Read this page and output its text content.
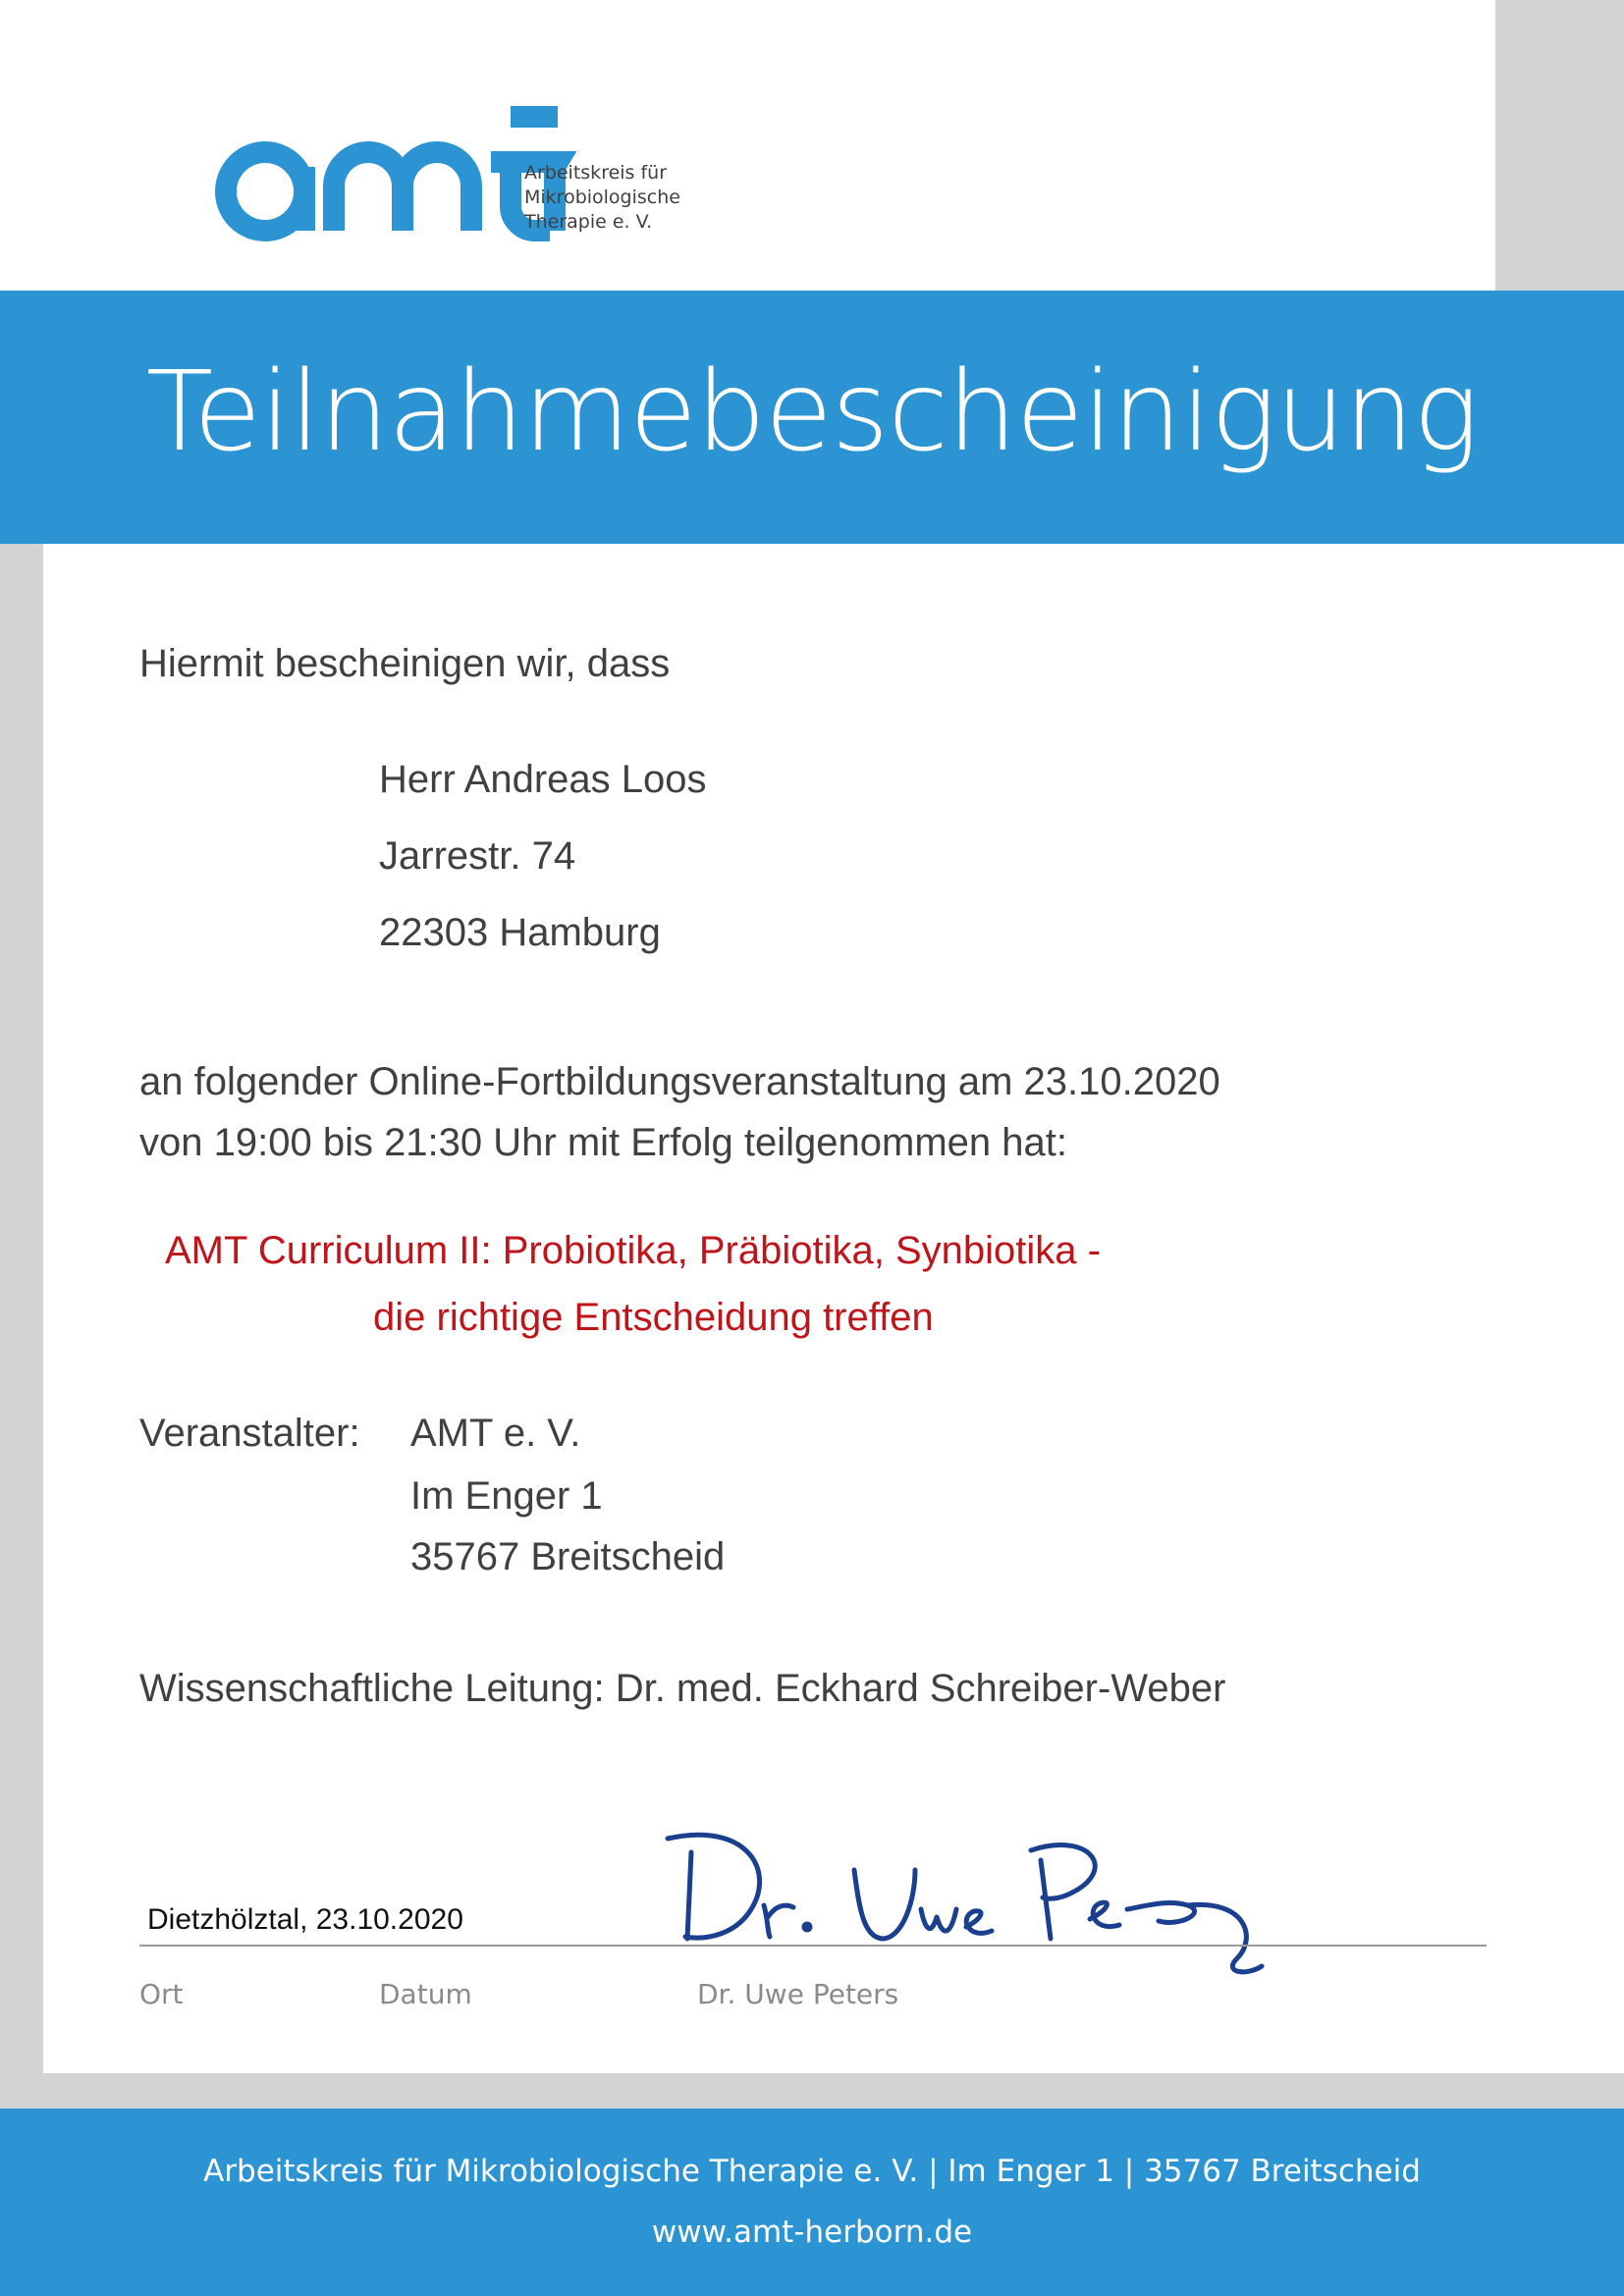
Arbeitskreis für
Mikrobiologische
Therapie e. V.
Teilnahmebescheinigung
Hiermit bescheinigen wir, dass
Herr Andreas Loos
Jarrestr. 74
22303 Hamburg
an folgender Online-Fortbildungsveranstaltung am 23.10.2020
von 19:00 bis 21:30 Uhr mit Erfolg teilgenommen hat:
AMT Curriculum II: Probiotika, Präbiotika, Synbiotika -
die richtige Entscheidung treffen
Veranstalter: AMT e. V.
Im Enger 1
35767 Breitscheid
Wissenschaftliche Leitung: Dr. med. Eckhard Schreiber-Weber
Dietzhölztal, 23.10.2020
Ort	Datum	Dr. Uwe Peters
Arbeitskreis für Mikrobiologische Therapie e. V. | Im Enger 1 | 35767 Breitscheid
www.amt-herborn.de
